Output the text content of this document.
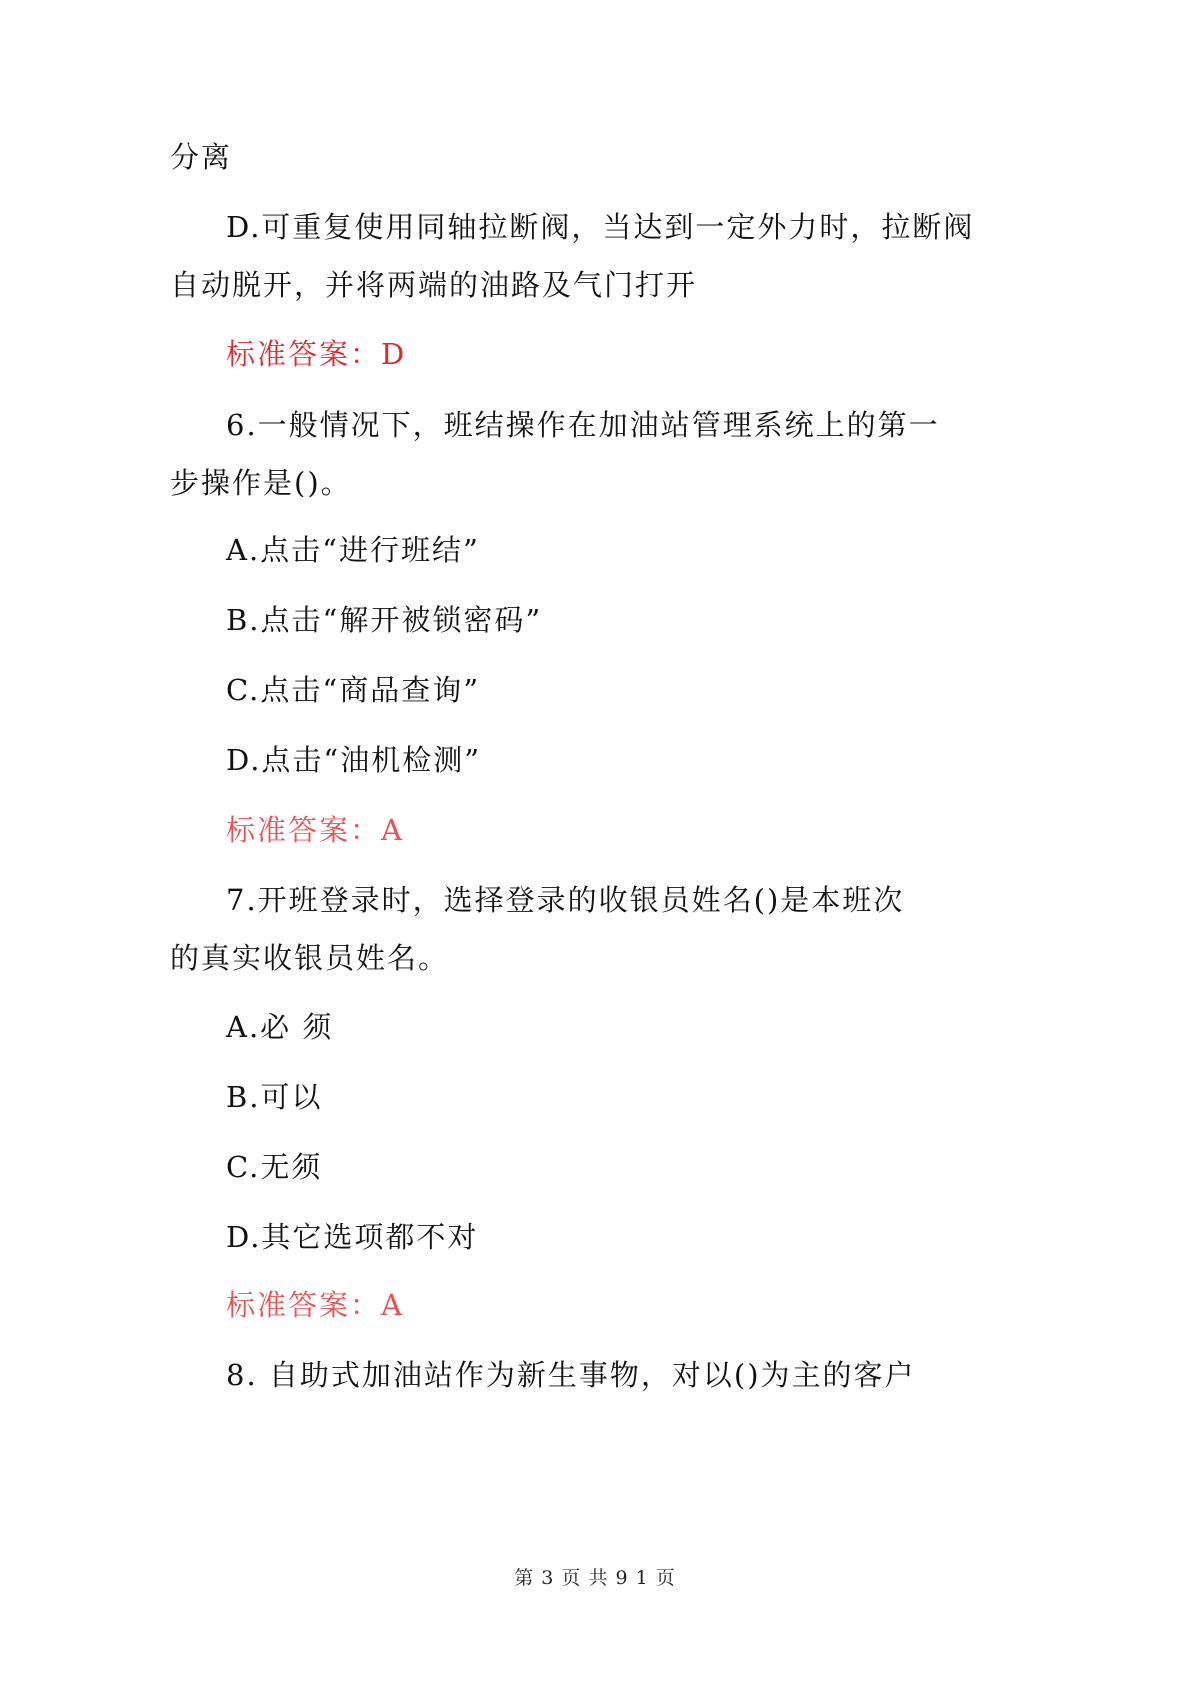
分离
D.可重复使用同轴拉断阀，当达到一定外力时，拉断阀
自动脱开，并将两端的油路及气门打开
标准答案：D
6.一般情况下，班结操作在加油站管理系统上的第一
步操作是()。
A.点击“进行班结”
B.点击“解开被锁密码”
C.点击“商品查询”
D.点击“油机检测”
标准答案：A
7.开班登录时，选择登录的收银员姓名()是本班次
的真实收银员姓名。
A.必 须
B.可以
C.无须
D.其它选项都不对
标准答案：A
8. 自助式加油站作为新生事物，对以()为主的客户
第 3 页 共 9 1 页
